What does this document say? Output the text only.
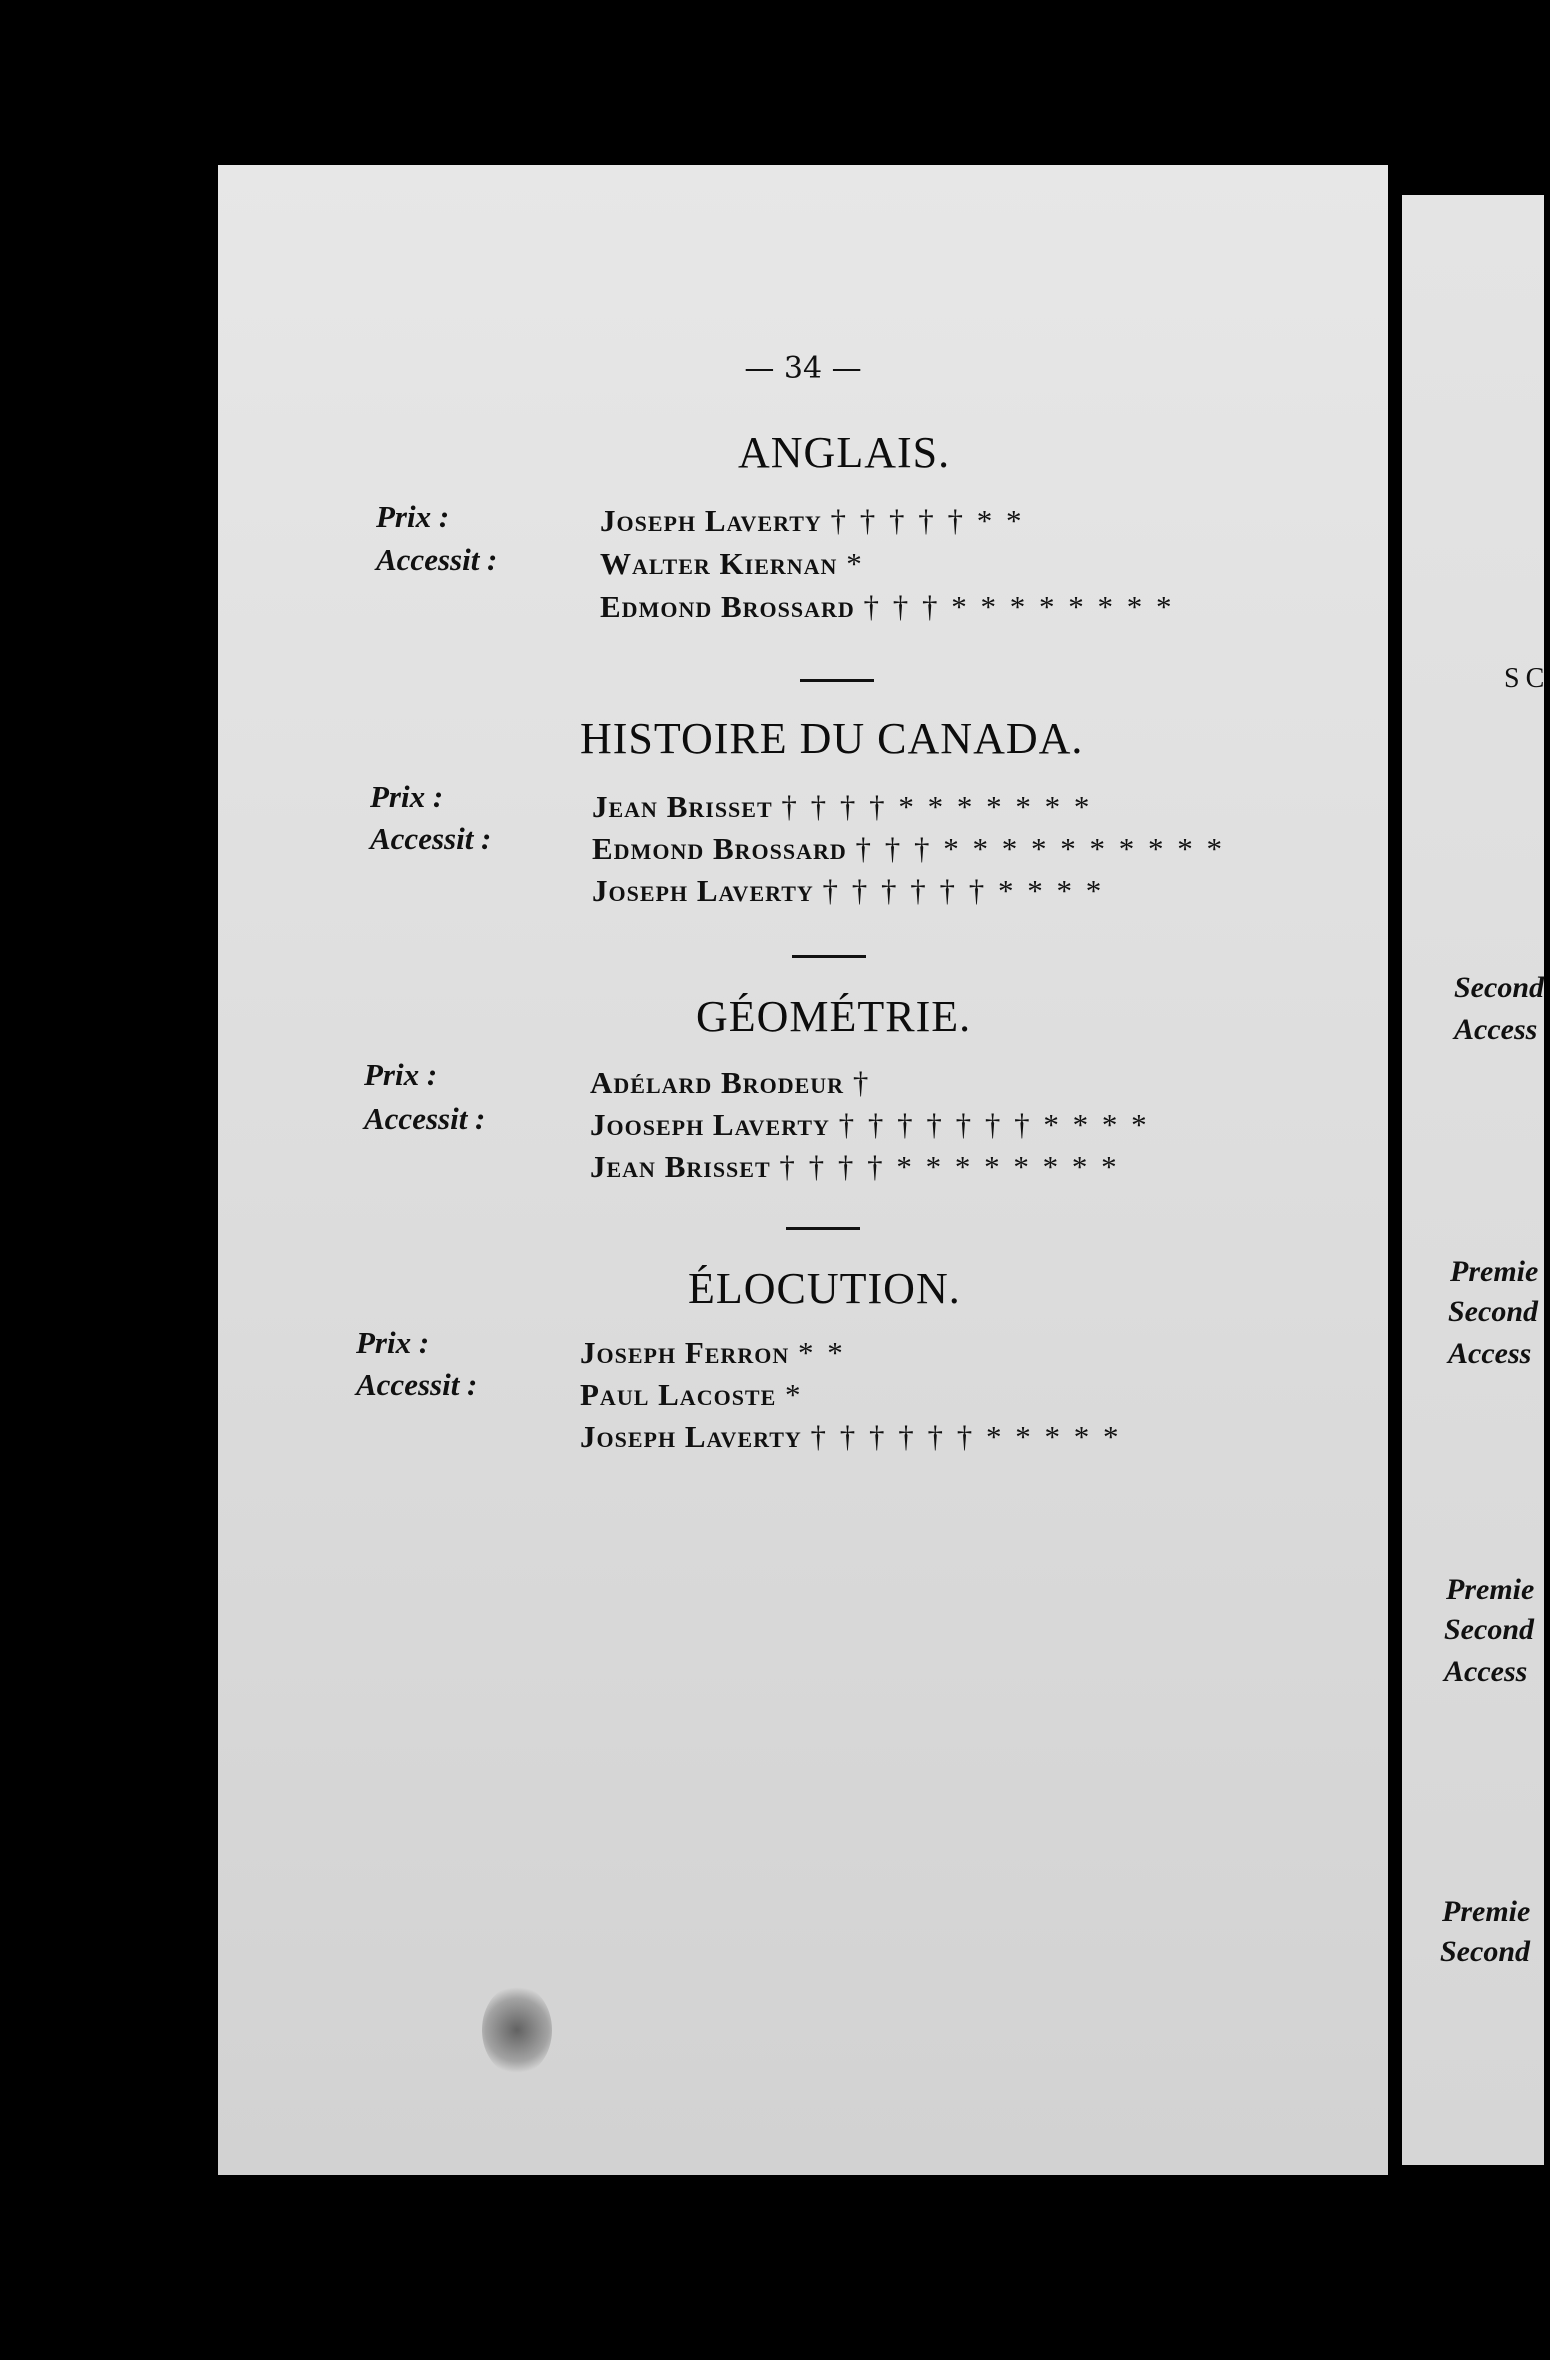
— 34 —
ANGLAIS.
Prix :
Accessit :
Joseph Laverty † † † † † * *
Walter Kiernan *
Edmond Brossard † † † * * * * * * * *
HISTOIRE DU CANADA.
Prix :
Accessit :
Jean Brisset † † † † * * * * * * *
Edmond Brossard † † † * * * * * * * * * *
Joseph Laverty † † † † † † * * * *
GÉOMÉTRIE.
Prix :
Accessit :
Adélard Brodeur †
Jooseph Laverty † † † † † † † * * * *
Jean Brisset † † † † * * * * * * * *
ÉLOCUTION.
Prix :
Accessit :
Joseph Ferron * *
Paul Lacoste *
Joseph Laverty † † † † † † * * * * *
SC
Second
Access
Premie
Second
Access
Premie
Second
Access
Premie
Second
